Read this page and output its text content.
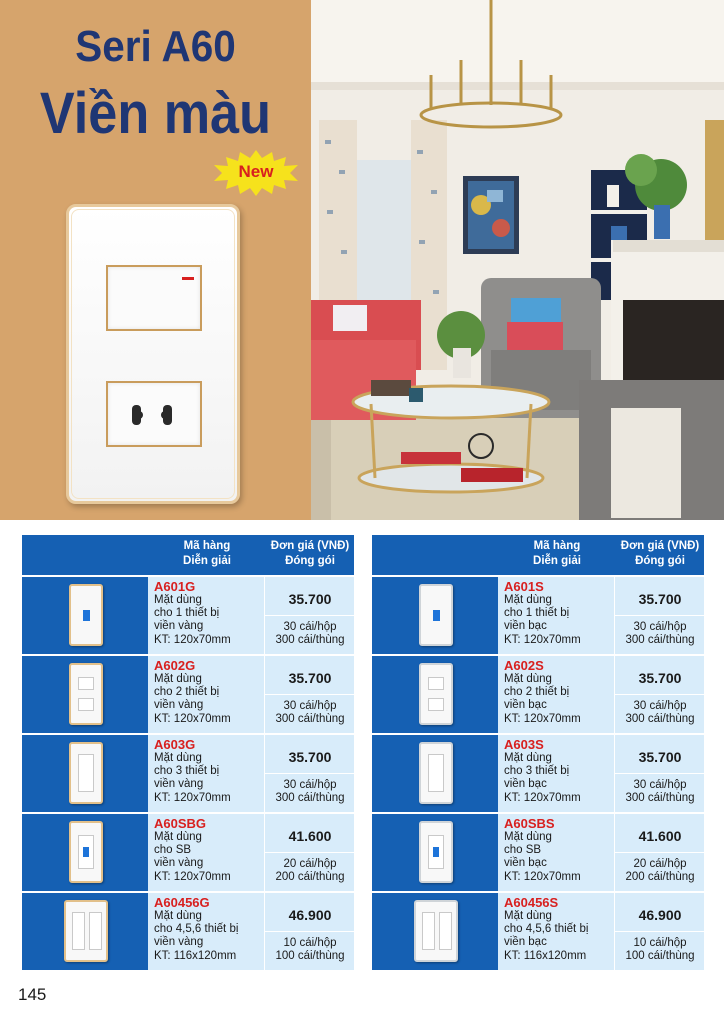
Seri A60
Viền màu
New
Mã hàng
Diễn giải
Đơn giá (VNĐ)
Đóng gói
A601G
Mặt dùng
cho 1 thiết bị
viền vàng
KT: 120x70mm
35.700
30 cái/hộp
300 cái/thùng
A602G
Mặt dùng
cho 2 thiết bị
viền vàng
KT: 120x70mm
35.700
30 cái/hộp
300 cái/thùng
A603G
Mặt dùng
cho 3 thiết bị
viền vàng
KT: 120x70mm
35.700
30 cái/hộp
300 cái/thùng
A60SBG
Mặt dùng
cho SB
viền vàng
KT: 120x70mm
41.600
20 cái/hộp
200 cái/thùng
A60456G
Mặt dùng
cho 4,5,6 thiết bị
viền vàng
KT: 116x120mm
46.900
10 cái/hộp
100 cái/thùng
Mã hàng
Diễn giải
Đơn giá (VNĐ)
Đóng gói
A601S
Mặt dùng
cho 1 thiết bị
viền bạc
KT: 120x70mm
35.700
30 cái/hộp
300 cái/thùng
A602S
Mặt dùng
cho 2 thiết bị
viền bạc
KT: 120x70mm
35.700
30 cái/hộp
300 cái/thùng
A603S
Mặt dùng
cho 3 thiết bị
viền bạc
KT: 120x70mm
35.700
30 cái/hộp
300 cái/thùng
A60SBS
Mặt dùng
cho SB
viền bạc
KT: 120x70mm
41.600
20 cái/hộp
200 cái/thùng
A60456S
Mặt dùng
cho 4,5,6 thiết bị
viền bạc
KT: 116x120mm
46.900
10 cái/hộp
100 cái/thùng
145
